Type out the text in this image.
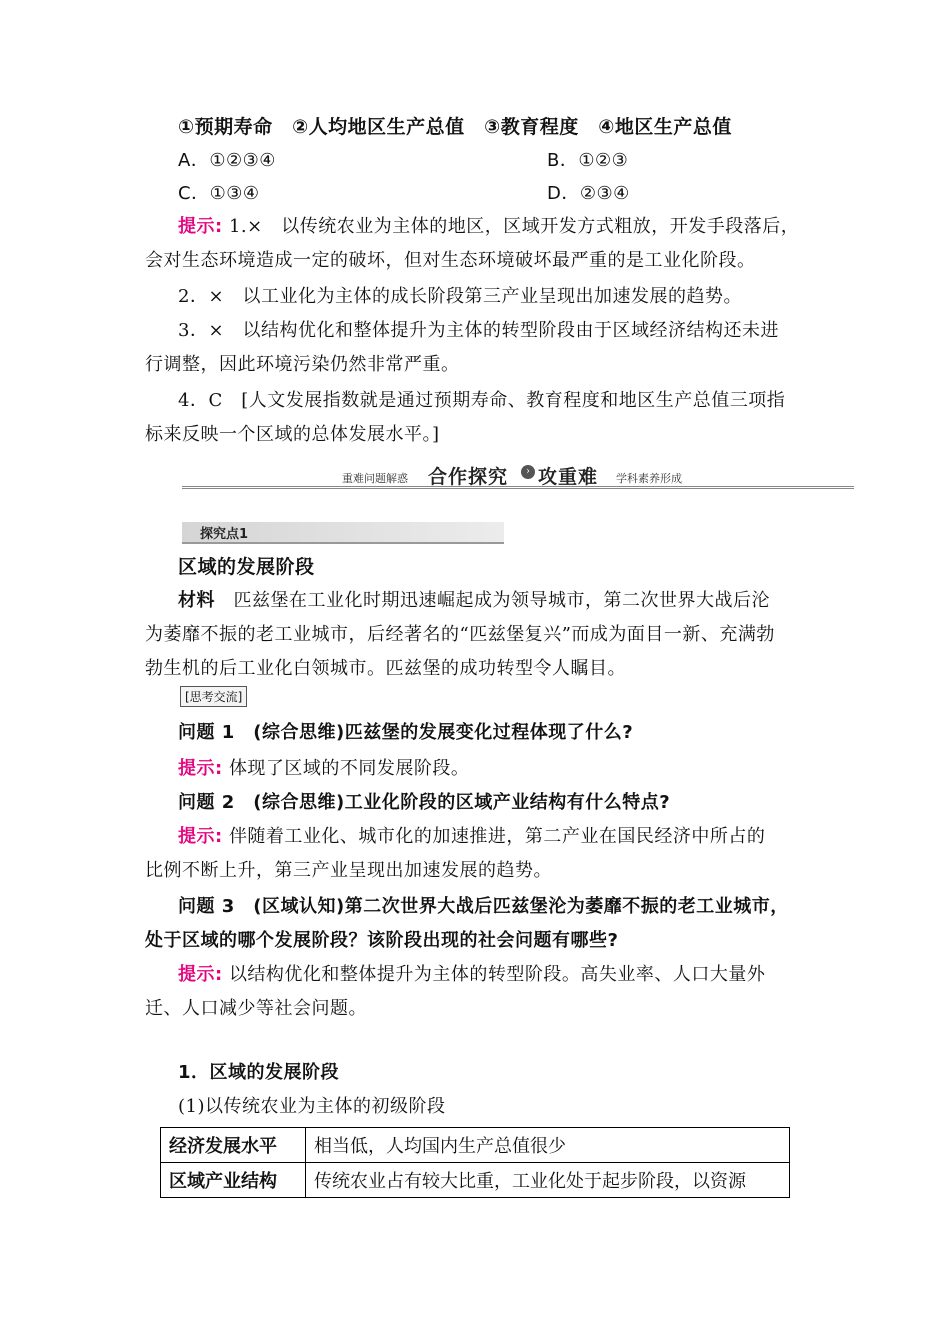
①预期寿命　②人均地区生产总值　③教育程度　④地区生产总值
A．①②③④	B．①②③
C．①③④	D．②③④
提示: 1.×　以传统农业为主体的地区，区域开发方式粗放，开发手段落后，
会对生态环境造成一定的破坏，但对生态环境破坏最严重的是工业化阶段。
2．×　以工业化为主体的成长阶段第三产业呈现出加速发展的趋势。
3．×　以结构优化和整体提升为主体的转型阶段由于区域经济结构还未进
行调整，因此环境污染仍然非常严重。
4．C　[人文发展指数就是通过预期寿命、教育程度和地区生产总值三项指
标来反映一个区域的总体发展水平。]
重难问题解惑 合作探究	› 攻重难 学科素养形成
探究点1
区域的发展阶段
材料　匹兹堡在工业化时期迅速崛起成为领导城市，第二次世界大战后沦
为萎靡不振的老工业城市，后经著名的“匹兹堡复兴”而成为面目一新、充满勃
勃生机的后工业化白领城市。匹兹堡的成功转型令人瞩目。
[思考交流]
问题 1　(综合思维)匹兹堡的发展变化过程体现了什么?
提示: 体现了区域的不同发展阶段。
问题 2　(综合思维)工业化阶段的区域产业结构有什么特点?
提示: 伴随着工业化、城市化的加速推进，第二产业在国民经济中所占的
比例不断上升，第三产业呈现出加速发展的趋势。
问题 3　(区域认知)第二次世界大战后匹兹堡沦为萎靡不振的老工业城市，
处于区域的哪个发展阶段？该阶段出现的社会问题有哪些?
提示: 以结构优化和整体提升为主体的转型阶段。高失业率、人口大量外
迁、人口减少等社会问题。
1．区域的发展阶段
(1)以传统农业为主体的初级阶段
经济发展水平	相当低，人均国内生产总值很少
区域产业结构	传统农业占有较大比重，工业化处于起步阶段，以资源
